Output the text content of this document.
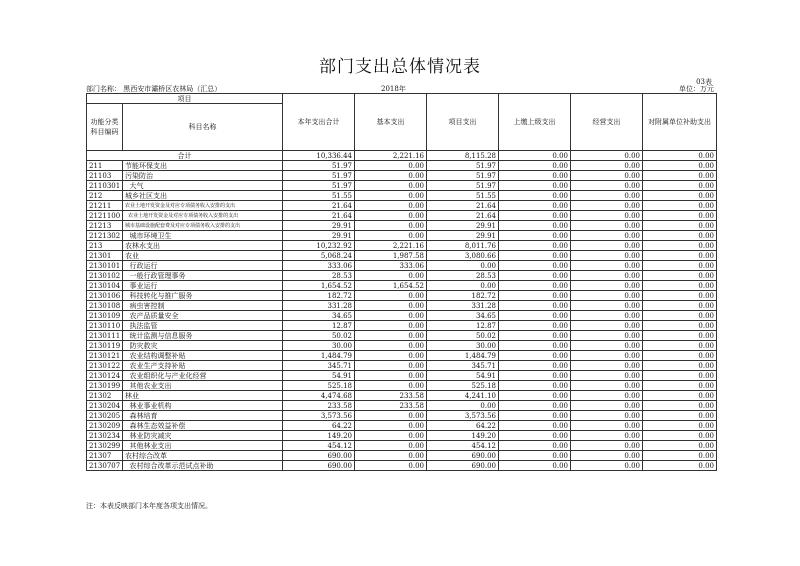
部门支出总体情况表
03表
部门名称： 黑西安市灞桥区农林局（汇总）	2018年	单位：万元
项目		本年支出合计	基本支出	项目支出	上缴上级支出	经营支出	对附属单位补助支出
功能分类科目编码	科目名称						
合计		10,336.44	2,221.16	8,115.28	0.00	0.00	0.00
211	节能环保支出	51.97	0.00	51.97	0.00	0.00	0.00
21103	污染防治	51.97	0.00	51.97	0.00	0.00	0.00
2110301	大气	51.97	0.00	51.97	0.00	0.00	0.00
212	城乡社区支出	51.55	0.00	51.55	0.00	0.00	0.00
21211	农业土地开发资金及对应专项债务收入安排的支出	21.64	0.00	21.64	0.00	0.00	0.00
2121100	农业土地开发资金及对应专项债务收入安排的支出	21.64	0.00	21.64	0.00	0.00	0.00
21213	城市基础设施配套费及对应专项债务收入安排的支出	29.91	0.00	29.91	0.00	0.00	0.00
2121302	城市环境卫生	29.91	0.00	29.91	0.00	0.00	0.00
213	农林水支出	10,232.92	2,221.16	8,011.76	0.00	0.00	0.00
21301	农业	5,068.24	1,987.58	3,080.66	0.00	0.00	0.00
2130101	行政运行	333.06	333.06	0.00	0.00	0.00	0.00
2130102	一般行政管理事务	28.53	0.00	28.53	0.00	0.00	0.00
2130104	事业运行	1,654.52	1,654.52	0.00	0.00	0.00	0.00
2130106	科技转化与推广服务	182.72	0.00	182.72	0.00	0.00	0.00
2130108	病虫害控制	331.28	0.00	331.28	0.00	0.00	0.00
2130109	农产品质量安全	34.65	0.00	34.65	0.00	0.00	0.00
2130110	执法监管	12.87	0.00	12.87	0.00	0.00	0.00
2130111	统计监测与信息服务	50.02	0.00	50.02	0.00	0.00	0.00
2130119	防灾救灾	30.00	0.00	30.00	0.00	0.00	0.00
2130121	农业结构调整补贴	1,484.79	0.00	1,484.79	0.00	0.00	0.00
2130122	农业生产支持补贴	345.71	0.00	345.71	0.00	0.00	0.00
2130124	农业组织化与产业化经营	54.91	0.00	54.91	0.00	0.00	0.00
2130199	其他农业支出	525.18	0.00	525.18	0.00	0.00	0.00
21302	林业	4,474.68	233.58	4,241.10	0.00	0.00	0.00
2130204	林业事业机构	233.58	233.58	0.00	0.00	0.00	0.00
2130205	森林培育	3,573.56	0.00	3,573.56	0.00	0.00	0.00
2130209	森林生态效益补偿	64.22	0.00	64.22	0.00	0.00	0.00
2130234	林业防灾减灾	149.20	0.00	149.20	0.00	0.00	0.00
2130299	其他林业支出	454.12	0.00	454.12	0.00	0.00	0.00
21307	农村综合改革	690.00	0.00	690.00	0.00	0.00	0.00
2130707	农村综合改革示范试点补助	690.00	0.00	690.00	0.00	0.00	0.00
注：本表反映部门本年度各项支出情况。
